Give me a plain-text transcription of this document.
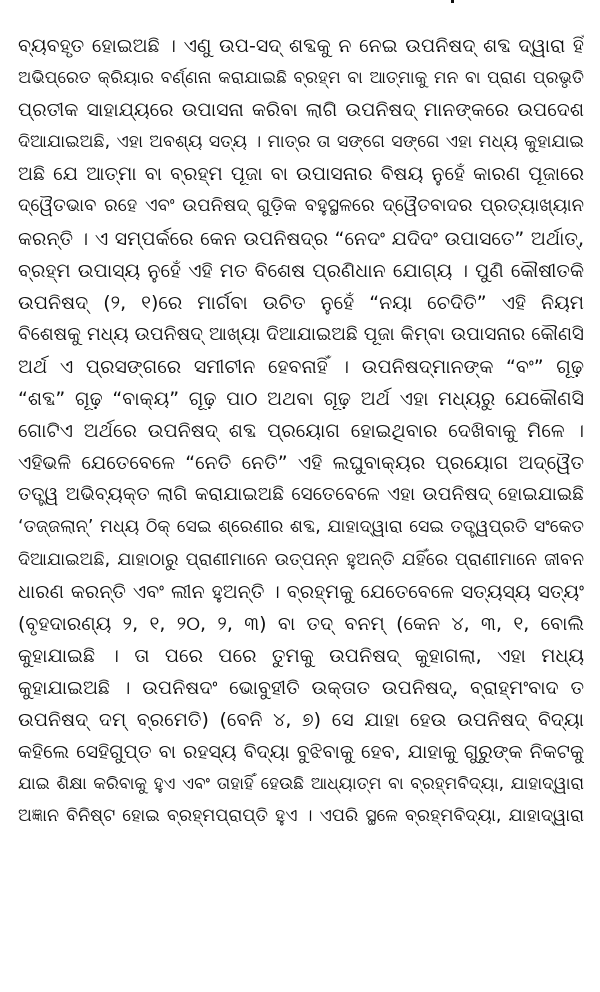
ବ୍ୟବହୃତ ହୋଇଅଛି । ଏଣୁ ଉପ-ସଦ୍ ଶବ୍ଦକୁ ନ ନେଇ ଉପନିଷଦ୍ ଶବ୍ଦ ଦ୍ୱାରା ହିଁ
ଅଭିପ୍ରେତ କ୍ରିୟାର ବର୍ଣ୍ଣନା କରାଯାଇଛି ବ୍ରହ୍ମ ବା ଆତ୍ମାକୁ ମନ ବା ପ୍ରାଣ ପ୍ରଭୃତି
ପ୍ରତୀକ ସାହାଯ୍ୟରେ ଉପାସନା କରିବା ଲାଗି ଉପନିଷଦ୍ ମାନଙ୍କରେ ଉପଦେଶ
ଦିଆଯାଇଅଛି, ଏହା ଅବଶ୍ୟ ସତ୍ୟ । ମାତ୍ର ତା ସଙ୍ଗେ ସଙ୍ଗେ ଏହା ମଧ୍ୟ କୁହାଯାଇ
ଅଛି ଯେ ଆତ୍ମା ବା ବ୍ରହ୍ମ ପୂଜା ବା ଉପାସନାର ବିଷୟ ନୁହେଁ କାରଣ ପୂଜାରେ
ଦ୍ୱୈତଭାବ ରହେ ଏବଂ ଉପନିଷଦ୍ ଗୁଡ଼ିକ ବହୁସ୍ଥଳରେ ଦ୍ୱୈତବାଦର ପ୍ରତ୍ୟାଖ୍ୟାନ
କରନ୍ତି । ଏ ସମ୍ପର୍କରେ କେନ ଉପନିଷଦ୍‌ର “ନେଦଂ ଯଦିଦଂ ଉପାସତେ” ଅର୍ଥାତ୍,
ବ୍ରହ୍ମ ଉପାସ୍ୟ ନୁହେଁ ଏହି ମତ ବିଶେଷ ପ୍ରଣିଧାନ ଯୋଗ୍ୟ । ପୁଣି କୌଷୀତକି
ଉପନିଷଦ୍ (୨, ୧)ରେ ମାର୍ଗବା ଉଚିତ ନୁହେଁ “ନୟା ଚେଦିତି” ଏହି ନିୟମ
ବିଶେଷକୁ ମଧ୍ୟ ଉପନିଷଦ୍ ଆଖ୍ୟା ଦିଆଯାଇଅଛି ପୂଜା କିମ୍ବା ଉପାସନାର କୌଣସି
ଅର୍ଥ ଏ ପ୍ରସଙ୍ଗରେ ସମୀଚୀନ ହେବନାହିଁ । ଉପନିଷଦ୍‌ମାନଙ୍କ “ବଂ” ଗୂଢ଼
“ଶବ୍ଦ” ଗୂଢ଼ “ବାକ୍ୟ” ଗୂଢ଼ ପାଠ ଅଥବା ଗୂଢ଼ ଅର୍ଥ ଏହା ମଧ୍ୟରୁ ଯେକୌଣସି
ଗୋଟିଏ ଅର୍ଥରେ ଉପନିଷଦ୍ ଶବ୍ଦ ପ୍ରୟୋଗ ହୋଇଥିବାର ଦେଖିବାକୁ ମିଳେ ।
ଏହିଭଳି ଯେତେବେଳେ “ନେତି ନେତି” ଏହି ଲଘୁବାକ୍ୟର ପ୍ରୟୋଗ ଅଦ୍ୱୈତ
ତତ୍ତ୍ୱ ଅଭିବ୍ୟକ୍ତ ଲାଗି କରାଯାଇଅଛି ସେତେବେଳେ ଏହା ଉପନିଷଦ୍ ହୋଇଯାଇଛି
‘ତଜ୍ଜଲାନ୍’ ମଧ୍ୟ ଠିକ୍ ସେଇ ଶ୍ରେଣୀର ଶବ୍ଦ, ଯାହାଦ୍ୱାରା ସେଇ ତତ୍ତ୍ୱପ୍ରତି ସଂକେତ
ଦିଆଯାଇଅଛି, ଯାହାଠାରୁ ପ୍ରାଣୀମାନେ ଉତ୍ପନ୍ନ ହୁଅନ୍ତି ଯହିଁରେ ପ୍ରାଣୀମାନେ ଜୀବନ
ଧାରଣ କରନ୍ତି ଏବଂ ଲୀନ ହୁଅନ୍ତି । ବ୍ରହ୍ମକୁ ଯେତେବେଳେ ସତ୍ୟସ୍ୟ ସତ୍ୟଂ
(ବୃହଦାରଣ୍ୟ ୨, ୧, ୨୦, ୨, ୩) ବା ତଦ୍ ବନମ୍ (କେନ ୪, ୩, ୧, ବୋଲି
କୁହାଯାଇଛି । ତା ପରେ ପରେ ତୁମକୁ ଉପନିଷଦ୍ କୁହାଗଲା, ଏହା ମଧ୍ୟ
କୁହାଯାଇଅଛି । ଉପନିଷଦଂ ଭୋବୁହୀତି ଉକ୍ତାତ ଉପନିଷଦ୍, ବ୍ରାହ୍ମଂବାଦ ତ
ଉପନିଷଦ୍ ଦମ୍ ବ୍ରମେତି) (ବେନି ୪, ୭) ସେ ଯାହା ହେଉ ଉପନିଷଦ୍ ବିଦ୍ୟା
କହିଲେ ସେହିଗୁପ୍ତ ବା ରହସ୍ୟ ବିଦ୍ୟା ବୁଝିବାକୁ ହେବ, ଯାହାକୁ ଗୁରୁଙ୍କ ନିକଟକୁ
ଯାଇ ଶିକ୍ଷା କରିବାକୁ ହୁଏ ଏବଂ ତାହାହିଁ ହେଉଛି ଆଧ୍ୟାତ୍ମ ବା ବ୍ରହ୍ମବିଦ୍ୟା, ଯାହାଦ୍ୱାରା
ଅଜ୍ଞାନ ବିନିଷ୍ଟ ହୋଇ ବ୍ରହ୍ମପ୍ରାପ୍ତି ହୁଏ । ଏପରି ସ୍ଥଳେ ବ୍ରହ୍ମବିଦ୍ୟା, ଯାହାଦ୍ୱାରା
